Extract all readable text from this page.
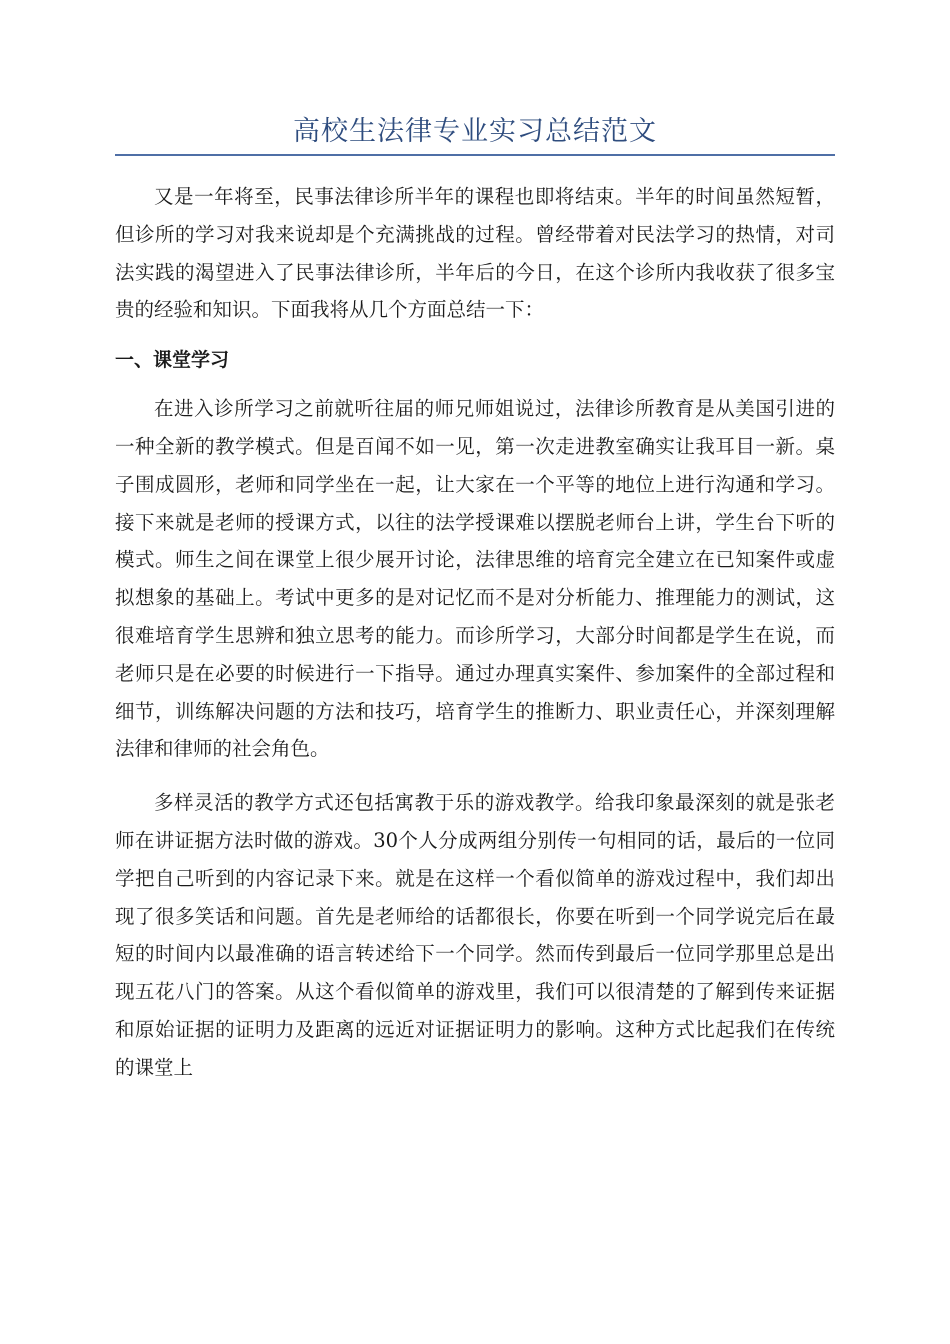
高校生法律专业实习总结范文

又是一年将至，民事法律诊所半年的课程也即将结束。半年的时间虽然短暂，但诊所的学习对我来说却是个充满挑战的过程。曾经带着对民法学习的热情，对司法实践的渴望进入了民事法律诊所，半年后的今日，在这个诊所内我收获了很多宝贵的经验和知识。下面我将从几个方面总结一下：

一、课堂学习

在进入诊所学习之前就听往届的师兄师姐说过，法律诊所教育是从美国引进的一种全新的教学模式。但是百闻不如一见，第一次走进教室确实让我耳目一新。桌子围成圆形，老师和同学坐在一起，让大家在一个平等的地位上进行沟通和学习。接下来就是老师的授课方式，以往的法学授课难以摆脱老师台上讲，学生台下听的模式。师生之间在课堂上很少展开讨论，法律思维的培育完全建立在已知案件或虚拟想象的基础上。考试中更多的是对记忆而不是对分析能力、推理能力的测试，这很难培育学生思辨和独立思考的能力。而诊所学习，大部分时间都是学生在说，而老师只是在必要的时候进行一下指导。通过办理真实案件、参加案件的全部过程和细节，训练解决问题的方法和技巧，培育学生的推断力、职业责任心，并深刻理解法律和律师的社会角色。

多样灵活的教学方式还包括寓教于乐的游戏教学。给我印象最深刻的就是张老师在讲证据方法时做的游戏。30个人分成两组分别传一句相同的话，最后的一位同学把自己听到的内容记录下来。就是在这样一个看似简单的游戏过程中，我们却出现了很多笑话和问题。首先是老师给的话都很长，你要在听到一个同学说完后在最短的时间内以最准确的语言转述给下一个同学。然而传到最后一位同学那里总是出现五花八门的答案。从这个看似简单的游戏里，我们可以很清楚的了解到传来证据和原始证据的证明力及距离的远近对证据证明力的影响。这种方式比起我们在传统的课堂上
